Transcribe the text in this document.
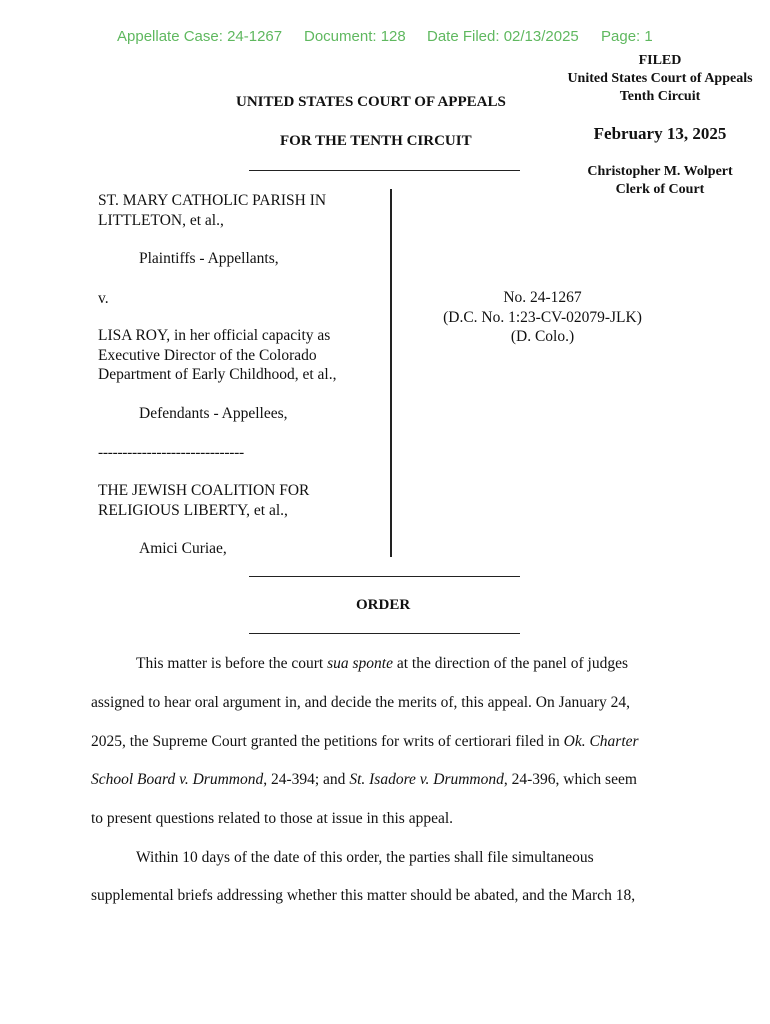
Appellate Case: 24-1267 Document: 128 Date Filed: 02/13/2025 Page: 1
FILED
United States Court of Appeals
Tenth Circuit
February 13, 2025
Christopher M. Wolpert
Clerk of Court
UNITED STATES COURT OF APPEALS
FOR THE TENTH CIRCUIT
ST. MARY CATHOLIC PARISH IN
LITTLETON, et al.,
Plaintiffs - Appellants,
v.
LISA ROY, in her official capacity as
Executive Director of the Colorado
Department of Early Childhood, et al.,
Defendants - Appellees,
------------------------------
THE JEWISH COALITION FOR
RELIGIOUS LIBERTY, et al.,
Amici Curiae,
No. 24-1267
(D.C. No. 1:23-CV-02079-JLK)
(D. Colo.)
ORDER
This matter is before the court sua sponte at the direction of the panel of judges
assigned to hear oral argument in, and decide the merits of, this appeal. On January 24,
2025, the Supreme Court granted the petitions for writs of certiorari filed in Ok. Charter
School Board v. Drummond, 24-394; and St. Isadore v. Drummond, 24-396, which seem
to present questions related to those at issue in this appeal.
Within 10 days of the date of this order, the parties shall file simultaneous
supplemental briefs addressing whether this matter should be abated, and the March 18,
